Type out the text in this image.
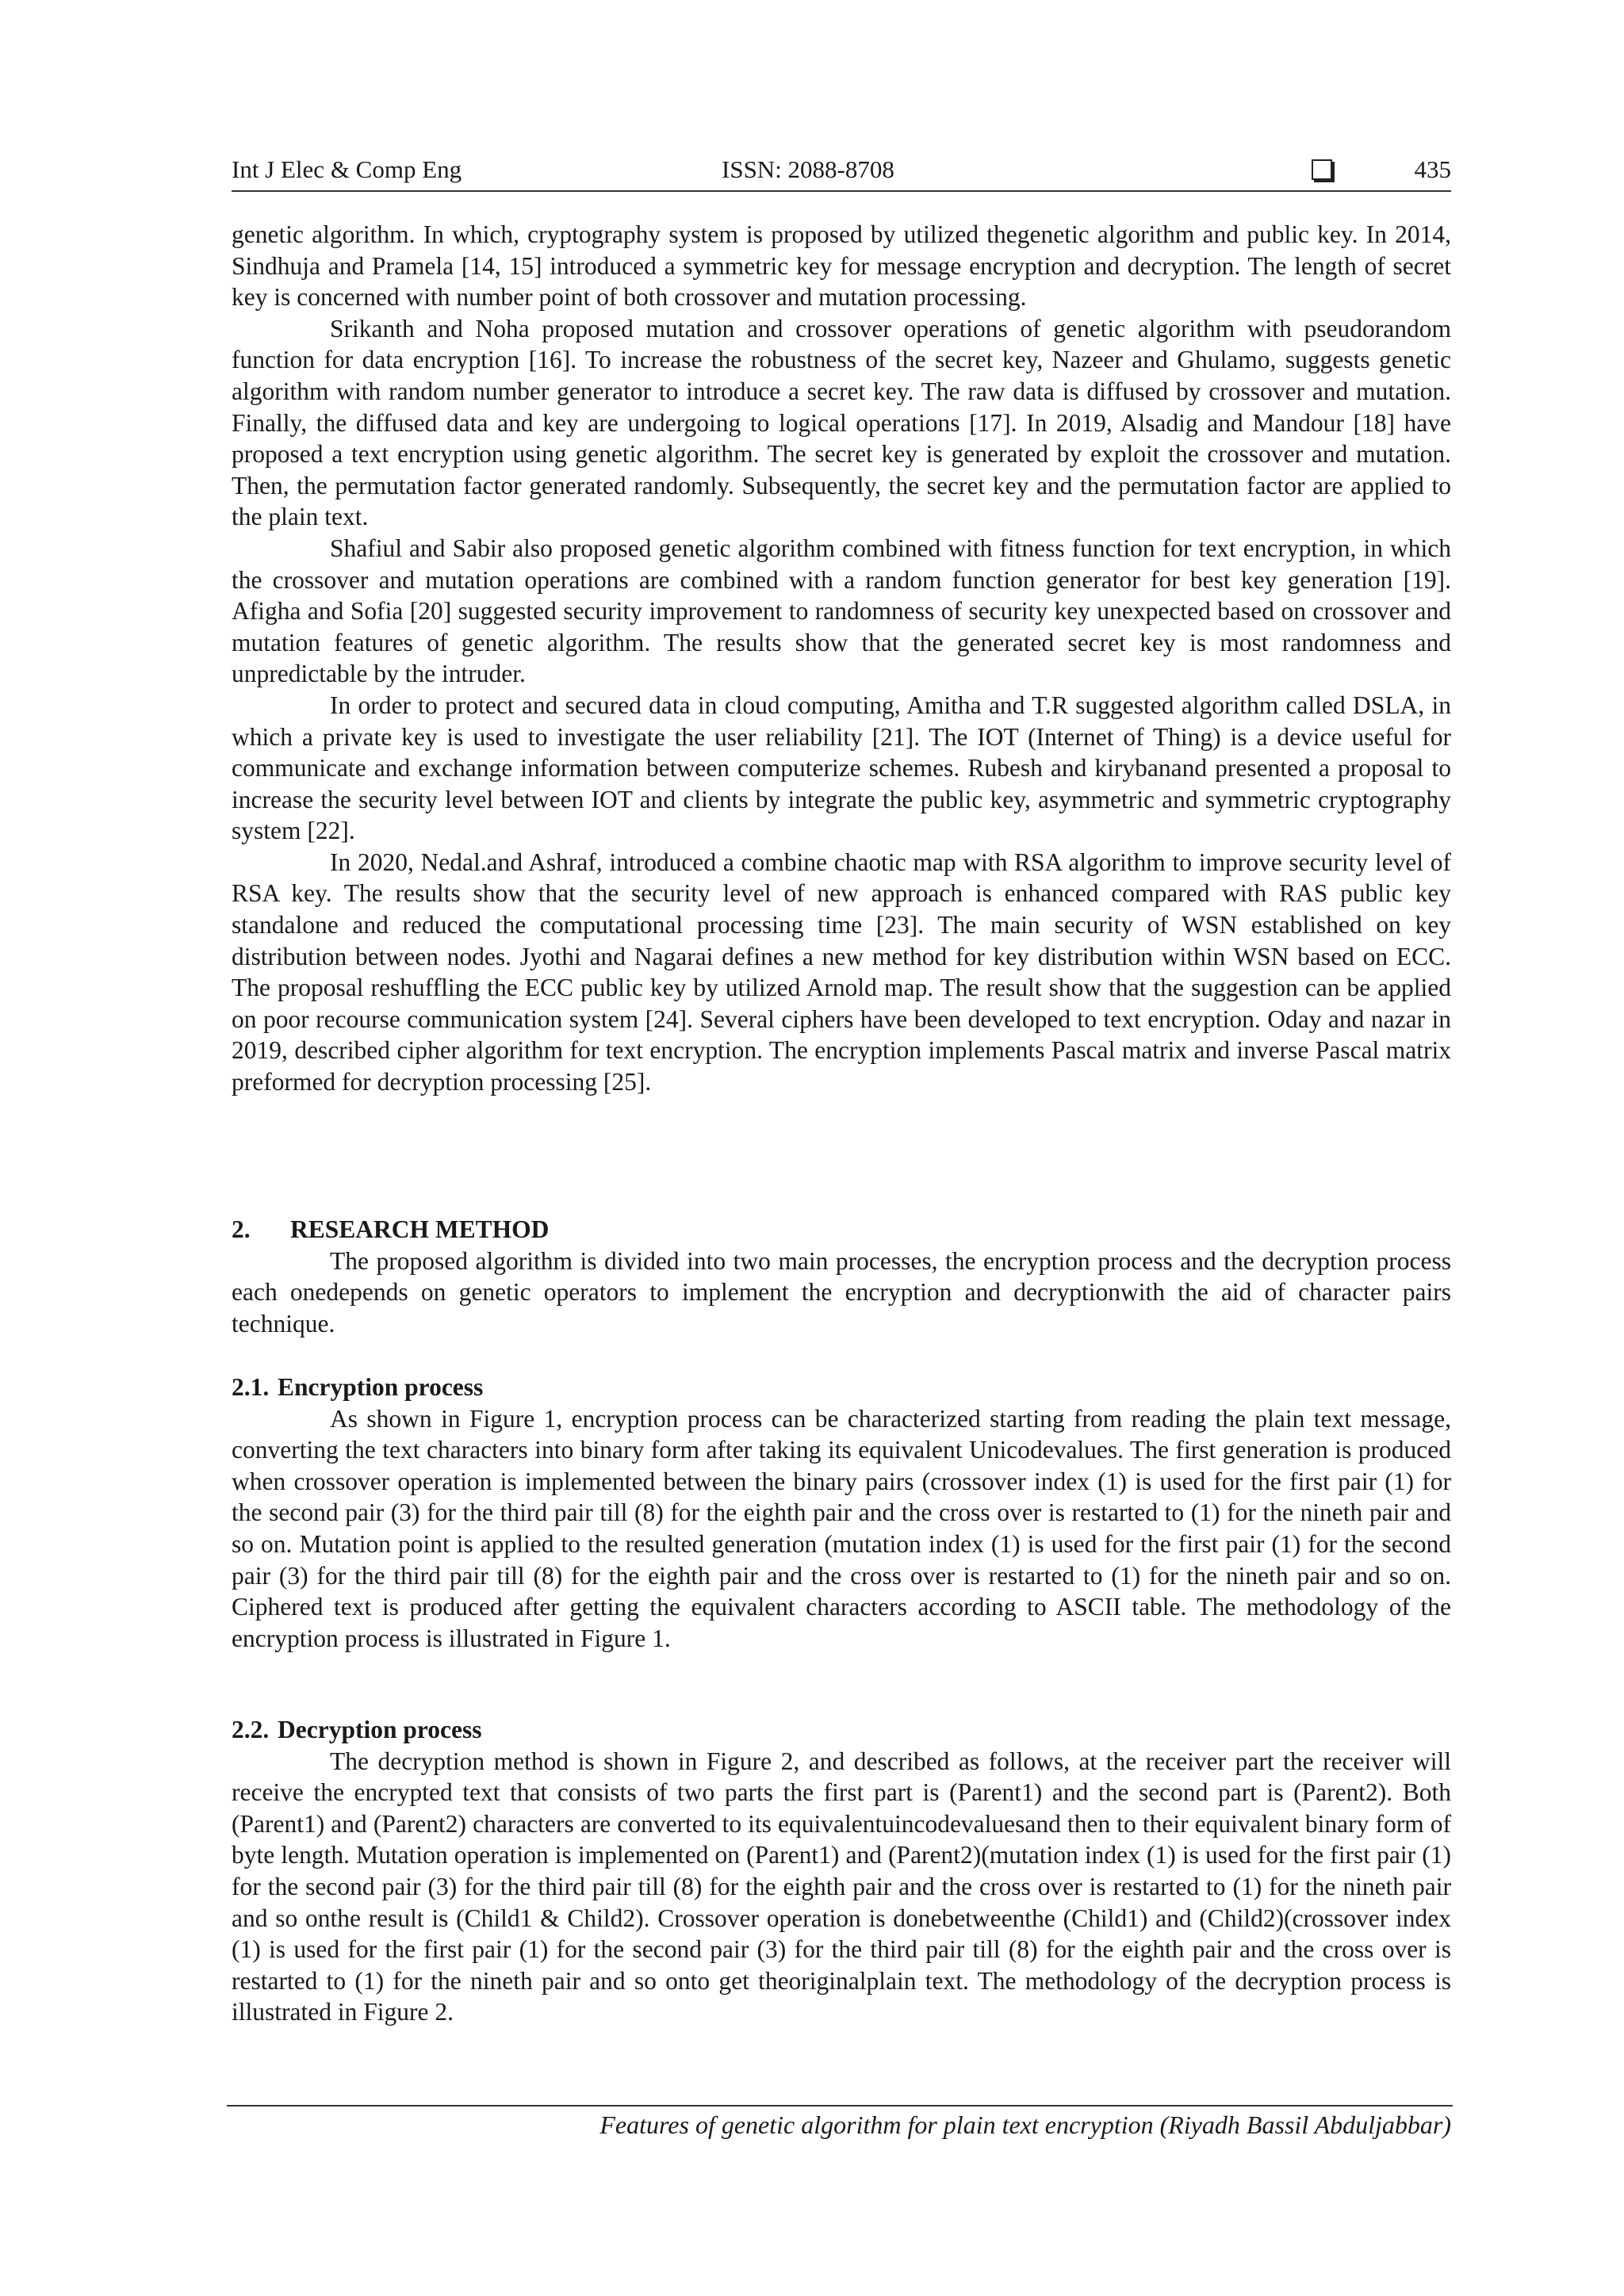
Int J Elec & Comp Eng	ISSN: 2088-8708	435

genetic algorithm. In which, cryptography system is proposed by utilized thegenetic algorithm and public key. In 2014, Sindhuja and Pramela [14, 15] introduced a symmetric key for message encryption and decryption. The length of secret key is concerned with number point of both crossover and mutation processing.

Srikanth and Noha proposed mutation and crossover operations of genetic algorithm with pseudorandom function for data encryption [16]. To increase the robustness of the secret key, Nazeer and Ghulamo, suggests genetic algorithm with random number generator to introduce a secret key. The raw data is diffused by crossover and mutation. Finally, the diffused data and key are undergoing to logical operations [17]. In 2019, Alsadig and Mandour [18] have proposed a text encryption using genetic algorithm. The secret key is generated by exploit the crossover and mutation. Then, the permutation factor generated randomly. Subsequently, the secret key and the permutation factor are applied to the plain text.

Shafiul and Sabir also proposed genetic algorithm combined with fitness function for text encryption, in which the crossover and mutation operations are combined with a random function generator for best key generation [19]. Afigha and Sofia [20] suggested security improvement to randomness of security key unexpected based on crossover and mutation features of genetic algorithm. The results show that the generated secret key is most randomness and unpredictable by the intruder.

In order to protect and secured data in cloud computing, Amitha and T.R suggested algorithm called DSLA, in which a private key is used to investigate the user reliability [21]. The IOT (Internet of Thing) is a device useful for communicate and exchange information between computerize schemes. Rubesh and kirybanand presented a proposal to increase the security level between IOT and clients by integrate the public key, asymmetric and symmetric cryptography system [22].

In 2020, Nedal.and Ashraf, introduced a combine chaotic map with RSA algorithm to improve security level of RSA key. The results show that the security level of new approach is enhanced compared with RAS public key standalone and reduced the computational processing time [23]. The main security of WSN established on key distribution between nodes. Jyothi and Nagarai defines a new method for key distribution within WSN based on ECC. The proposal reshuffling the ECC public key by utilized Arnold map. The result show that the suggestion can be applied on poor recourse communication system [24]. Several ciphers have been developed to text encryption. Oday and nazar in 2019, described cipher algorithm for text encryption. The encryption implements Pascal matrix and inverse Pascal matrix preformed for decryption processing [25].

2. RESEARCH METHOD

The proposed algorithm is divided into two main processes, the encryption process and the decryption process each onedepends on genetic operators to implement the encryption and decryptionwith the aid of character pairs technique.

2.1. Encryption process

As shown in Figure 1, encryption process can be characterized starting from reading the plain text message, converting the text characters into binary form after taking its equivalent Unicodevalues. The first generation is produced when crossover operation is implemented between the binary pairs (crossover index (1) is used for the first pair (1) for the second pair (3) for the third pair till (8) for the eighth pair and the cross over is restarted to (1) for the nineth pair and so on. Mutation point is applied to the resulted generation (mutation index (1) is used for the first pair (1) for the second pair (3) for the third pair till (8) for the eighth pair and the cross over is restarted to (1) for the nineth pair and so on. Ciphered text is produced after getting the equivalent characters according to ASCII table. The methodology of the encryption process is illustrated in Figure 1.

2.2. Decryption process

The decryption method is shown in Figure 2, and described as follows, at the receiver part the receiver will receive the encrypted text that consists of two parts the first part is (Parent1) and the second part is (Parent2). Both (Parent1) and (Parent2) characters are converted to its equivalentuincodevaluesand then to their equivalent binary form of byte length. Mutation operation is implemented on (Parent1) and (Parent2)(mutation index (1) is used for the first pair (1) for the second pair (3) for the third pair till (8) for the eighth pair and the cross over is restarted to (1) for the nineth pair and so onthe result is (Child1 & Child2). Crossover operation is donebetweenthe (Child1) and (Child2)(crossover index (1) is used for the first pair (1) for the second pair (3) for the third pair till (8) for the eighth pair and the cross over is restarted to (1) for the nineth pair and so onto get theoriginalplain text. The methodology of the decryption process is illustrated in Figure 2.

Features of genetic algorithm for plain text encryption (Riyadh Bassil Abduljabbar)
